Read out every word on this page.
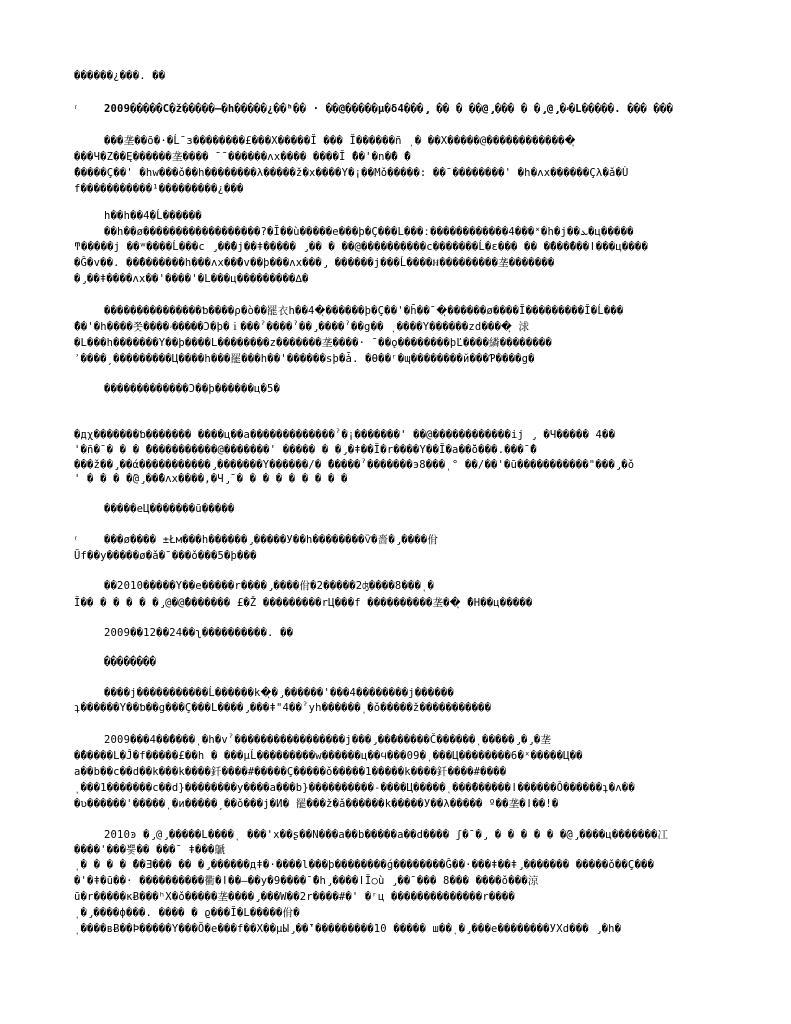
������¿���. ��
2009�����C�ž�����–�h�����¿��ʰ�� · ��@�����µ�δ4���̡ �� � ��@̡��� � �̡@̡�ۥ�L�����. ��� ���
���垄��õ�·�Ĺ̄ з��������£���X�����Ĭ ��� Ĭ������ñ ͺ� ��X�����@�������������ͅ
���Ч�Z��Ę������垄���� ̄ ̄ ������ʌx���� ����Ĭ ̄��'�n�̄� ̄�
̄�����Ç��' �hw���ǒ��h��������λ�����ž�x����Y�¡��Mǒ�����: ��̄ ��������' �h�ʌx������Çλ�ǎ�Ù
f�����������¹���������¿���
h��h��4�Ĺ������
��h��ø������������������?�Ĭ��ù�����e���þ�Ç���L���ː������������4���˟�h�j��ܥ�ц�����
ͳ�����j ��ʷ����Ĺ���c ̡��̄�j��ǂ����� ̡�� � ��@����������c�������Ĺ�ε��� �� �̄���̄���ǀ���ц����
�Ĝ�v��. ��̄�������h���ʌx��̄�v��þ���ʌx���̡ ������j���Ĺ����ឣ���������垄�������
�̡��ǂ����ʌx��'����'�L���ц���������∆�
���������������ƅ����ρ�ò��罷衣h��4�ͅ������þ�Ç��'�h̄��̄ �ͅ������ø����Ĭ���������Ĭ�Ĺ���
̄��'�h����쫏����ۥ�����Ͻ�þ�ｉ���ˀ����ˀ��̡����ˀ��g�� ͺ����Y������zd����ͅ 浗
�L���h�������Y��þ����L��������z�������垄����· ̄ ��ǫ��������þĽ����繗��������
ʾ����ˏ���������Ц����h���罷���h��'������ѕþ�ǡ. �Ѳ��ʳ�ɰ��������й���Ƥ����g�
�������������Ͻ��þ������ц�5�
�дχ�������ƅ������� ����ц��a�������������ˀ�¡�������' ��@������������ij ̡ �Ч����� 4��
'�n̄�̄ � � � ̄�����������@�������' ����� � �̡�ǂ��̄Ĭ�r����Y��Ĭ�a��̄ǒ���.���̄ ̄�
���ž��̡��ά�����������̡�������Y������/� ̄�����ˀ�������э8���ͺ° ��/��'�ū�����������"���̡�ǒ
' � � � �̄@̡��̄�ʌx����,�Ч̡̄ � � � � � � � � �
�����eЦ�������ū�����
���ø���� ±Łм���h������̡�����У��h��������Ѷ�嗇�̡����佾
Ŭf��y�����ø�ǎ�̄ ���ǒ���5�þ���
��2010�����Y��e�����r����̡����佾�2�����2ʤ����8���ͺ�
Ĭ�� � � � � �̡@�@̄������� £�Ž ���������rЦ���f ����������垄��ͅ ̄�H��ц�����
2009��12��24��ʅ����������. ��
��������
����j�����������Ĺ������k�ͅ�̡������'���4��������j������
ʇ������Y��ƅ��g���Ç���L����̡���ǂ"4��ˀyh������ͺ�ǒ�����ž�����������
2009���4��̂����ͺ�h�vˀ�����������������j���̡��̄������Č������ͺ�����̡�̡�垄
�̄�����L�Ĵ�f�����£��h � ���µĹ���������w������ц��ϥ���09�ͺ���Ц��������6�ˣ�����Ц��
a��b��c��d��k���k����釺����#�����Ç�����ǒ�����1�����k����釺����#����
ͺ���1�������c��d}��������y����a���b}����������˗����Ц�����ͺ���̄������ǀ������Ǒ������ʇ�ʌ��
�ʋ������'�����ͺ�и�����ˏ��ǒ���j�И� 罷���ž�ǎ������k�����У��λ����� º��垄�ǀ��!�
2010ͽ �̡@̡�����L����ͺ ���'x��ʂ��N���a��b�����a��d���� ʃ�̄ �̡ � � � � � �̄@̡����ц�������冮
����'���쁯�� ���̄ ǂ���鷈
ͺ� � � � ̄��Ǝ��� �� �̡������дǂ�·����l���þ��������ǵ��������Ĝ��·���ǂ��ǂ̡������� �����ǒ��Ç���
�'�ǂ�ū��· ����������衢�ǀ��–��y�9����̄ ̄�h̡����ǀĬ○ù ̡��̄ ��� 8��� ����ǒ���涼
ū�r�����кɃ���ʰХ�ǒ�����垄����̡���W��2r����#�' �ʳц ��������������r����
ͺ�̡����ф���. ���� � ϱ���Ĭ�L�����佾�
ͺ����вɃ��Þ�����Y���Ŏ�e���f��X��µЫ̡��̄'���������10 ����� ш��ͺ�̡���e��������УΧd��� ̡�h�
